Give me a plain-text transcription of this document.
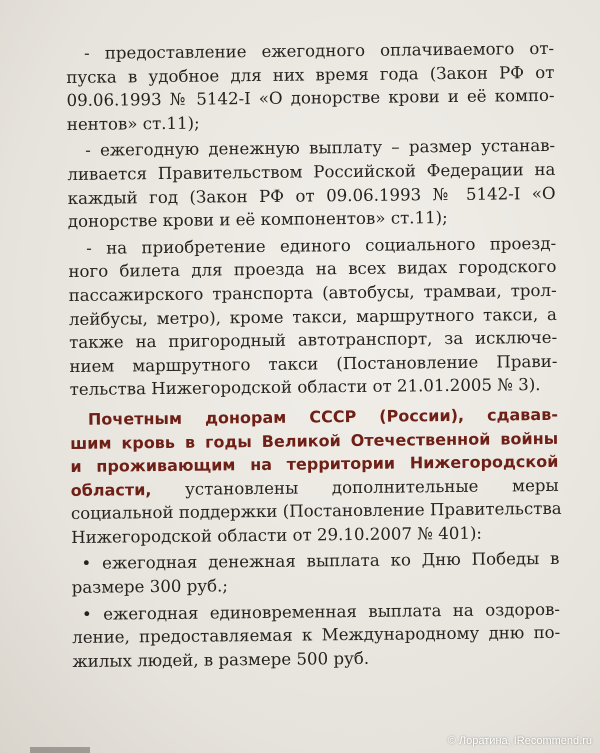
- предоставление ежегодного оплачиваемого от-
пуска в удобное для них время года (Закон РФ от
09.06.1993 № 5142-I «О донорстве крови и её компо-
нентов» ст.11);
- ежегодную денежную выплату – размер устанав-
ливается Правительством Российской Федерации на
каждый год (Закон РФ от 09.06.1993 № 5142-I «О
донорстве крови и её компонентов» ст.11);
- на приобретение единого социального проезд-
ного билета для проезда на всех видах городского
пассажирского транспорта (автобусы, трамваи, трол-
лейбусы, метро), кроме такси, маршрутного такси, а
также на пригородный автотранспорт, за исключе-
нием маршрутного такси (Постановление Прави-
тельства Нижегородской области от 21.01.2005 № 3).
Почетным донорам СССР (России), сдавав-
шим кровь в годы Великой Отечественной войны
и проживающим на территории Нижегородской
области, установлены дополнительные меры
социальной поддержки (Постановление Правительства
Нижегородской области от 29.10.2007 № 401):
• ежегодная денежная выплата ко Дню Победы в
размере 300 руб.;
• ежегодная единовременная выплата на оздоров-
ление, предоставляемая к Международному дню по-
жилых людей, в размере 500 руб.
© Лоратина, IRecommend.ru
